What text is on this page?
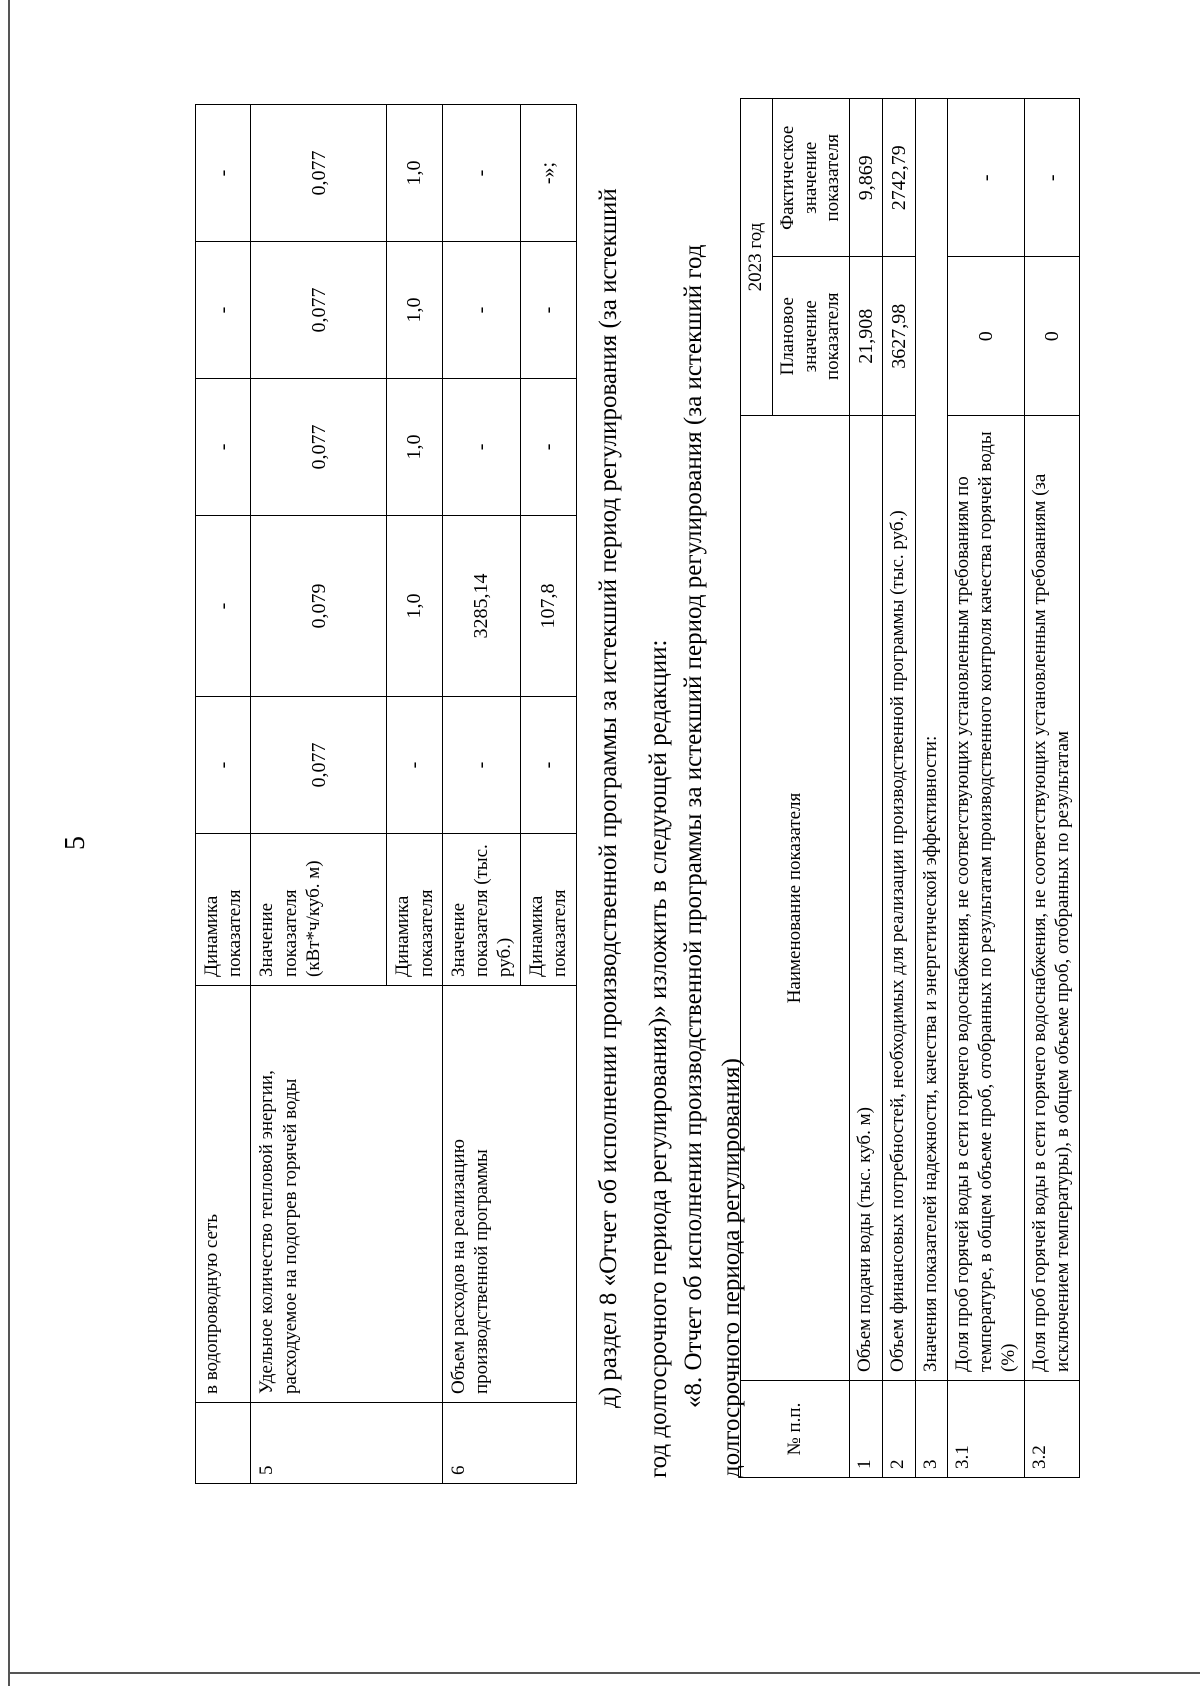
5
	в водопроводную сеть	Динамика показателя	-	-	-	-	-
5	Удельное количество тепловой энергии, расходуемое на подогрев горячей воды	Значение показателя (кВт*ч/куб. м)	0,077	0,079	0,077	0,077	0,077
		Динамика показателя	-	1,0	1,0	1,0	1,0
6	Объем расходов на реализацию производственной программы	Значение показателя (тыс. руб.)	-	3285,14	-	-	-
		Динамика показателя	-	107,8	-	-	-»;
д) раздел 8 «Отчет об исполнении производственной программы за истекший период регулирования (за истекший год долгосрочного периода регулирования)» изложить в следующей редакции: «8. Отчет об исполнении производственной программы за истекший период регулирования (за истекший год долгосрочного периода регулирования) № п.п.	Наименование показателя	2023 год	
		Плановое значение показателя	Фактическое значение показателя
1	Объем подачи воды (тыс. куб. м)	21,908	9,869
2	Объем финансовых потребностей, необходимых для реализации производственной программы (тыс. руб.)	3627,98	2742,79
3	Значения показателей надежности, качества и энергетической эффективности:		
3.1	Доля проб горячей воды в сети горячего водоснабжения, не соответствующих установленным требованиям по температуре, в общем объеме проб, отобранных по результатам производственного контроля качества горячей воды (%)	0	-
3.2	Доля проб горячей воды в сети горячего водоснабжения, не соответствующих установленным требованиям (за исключением температуры), в общем объеме проб, отобранных по результатам	0	-
